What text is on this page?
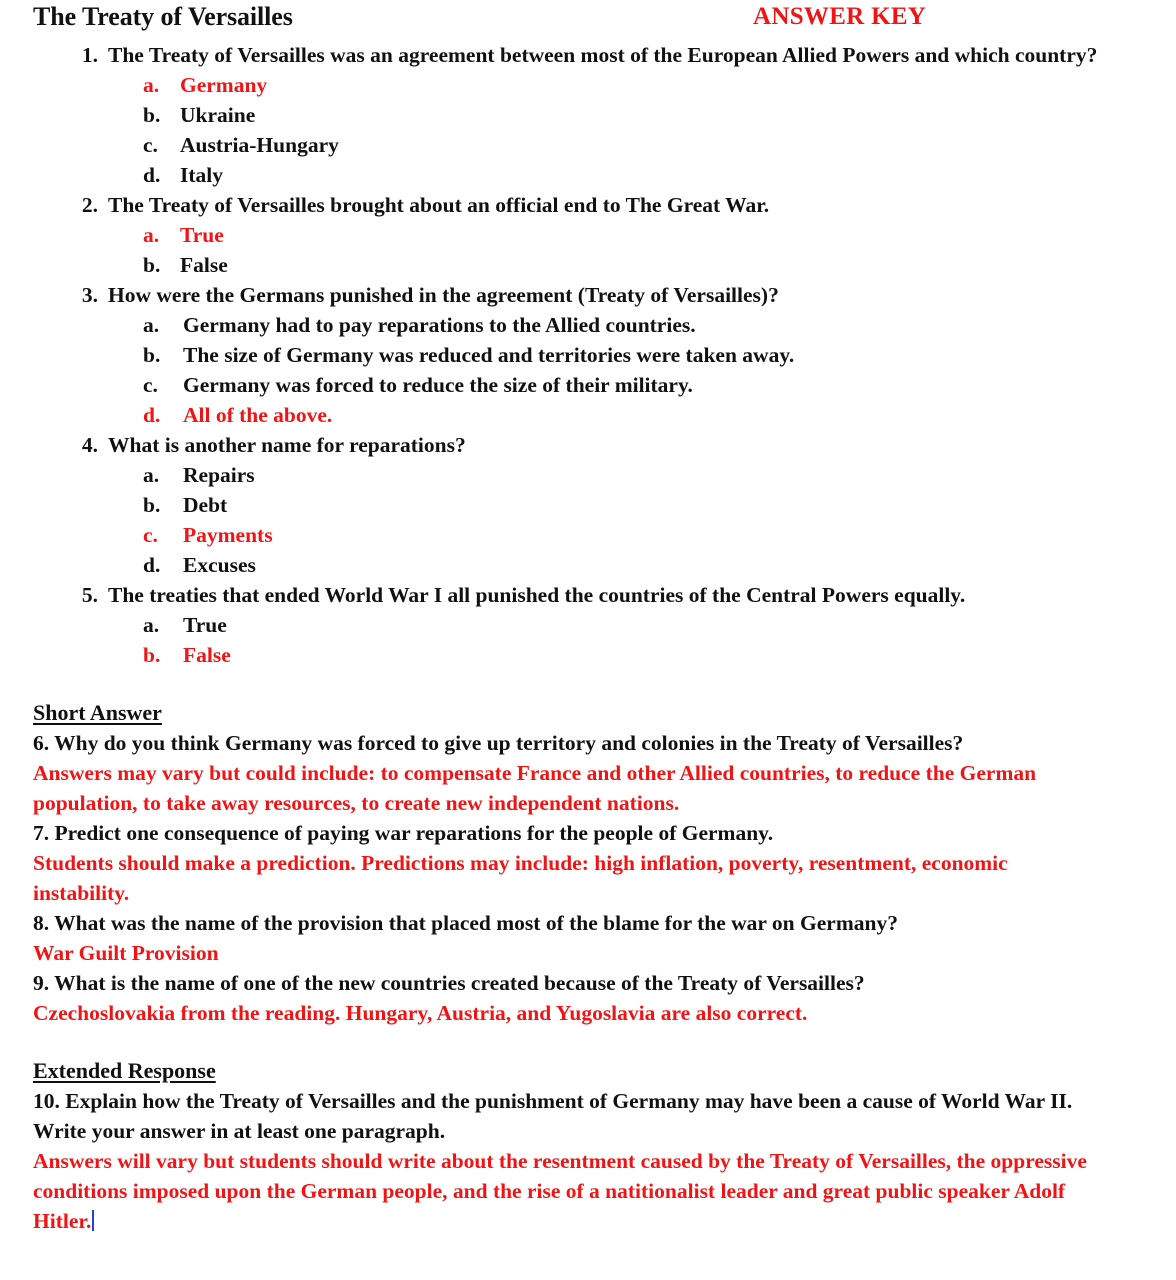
The Treaty of Versailles	ANSWER KEY
1. The Treaty of Versailles was an agreement between most of the European Allied Powers and which country?
a. Germany
b. Ukraine
c.	Austria-Hungary
d. Italy
2. The Treaty of Versailles brought about an official end to The Great War.
a. True
b. False
3. How were the Germans punished in the agreement (Treaty of Versailles)?
a.	Germany had to pay reparations to the Allied countries.
b.	The size of Germany was reduced and territories were taken away.
c.	Germany was forced to reduce the size of their military.
d.	All of the above.
4. What is another name for reparations?
a.	Repairs
b.	Debt
c.	Payments
d.	Excuses
5. The treaties that ended World War I all punished the countries of the Central Powers equally.
a.	True
b.	False
Short Answer
6. Why do you think Germany was forced to give up territory and colonies in the Treaty of Versailles?
Answers may vary but could include: to compensate France and other Allied countries, to reduce the German population, to take away resources, to create new independent nations.
7. Predict one consequence of paying war reparations for the people of Germany.
Students should make a prediction. Predictions may include: high inflation, poverty, resentment, economic instability.
8. What was the name of the provision that placed most of the blame for the war on Germany?
War Guilt Provision
9. What is the name of one of the new countries created because of the Treaty of Versailles?
Czechoslovakia from the reading. Hungary, Austria, and Yugoslavia are also correct.
Extended Response
10. Explain how the Treaty of Versailles and the punishment of Germany may have been a cause of World War II. Write your answer in at least one paragraph.
Answers will vary but students should write about the resentment caused by the Treaty of Versailles, the oppressive conditions imposed upon the German people, and the rise of a natitionalist leader and great public speaker Adolf Hitler.
